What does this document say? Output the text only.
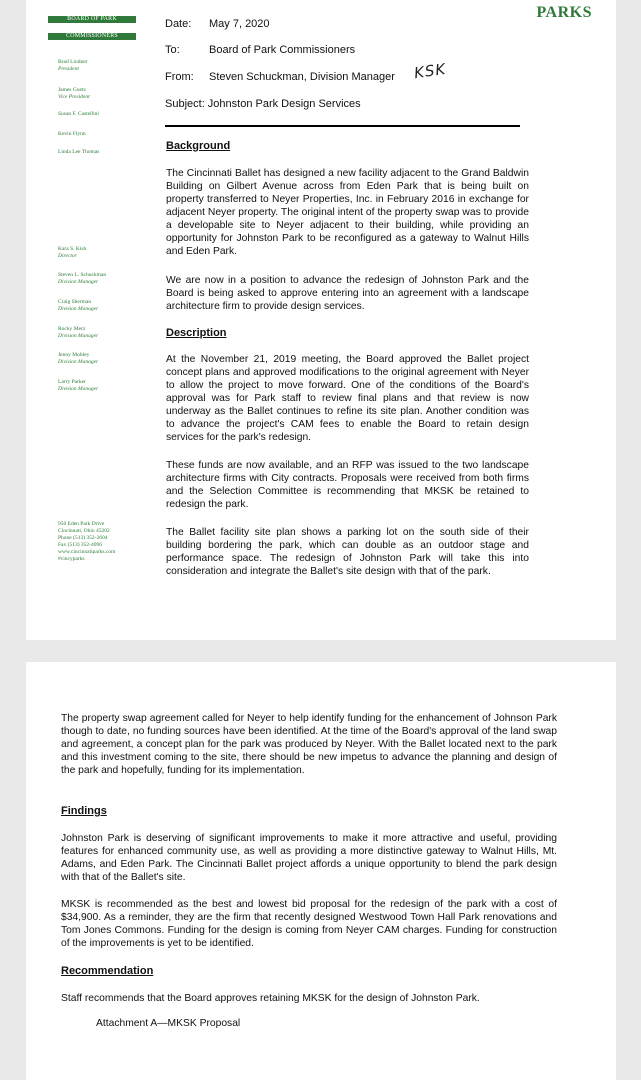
BOARD OF PARK
COMMISSIONERS
PARKS
Brad Lindner
President
James Goetz
Vice President
Susan F. Castellini
Kevin Flynn
Linda Lee Thomas
Kara S. Kish
Director
Steven L. Schuckman
Division Manager
Craig Sherman
Division Manager
Rocky Merz
Division Manager
Jenny Mobley
Division Manager
Larry Parker
Division Manager
950 Eden Park Drive
Cincinnati, Ohio 45202
Phone (513) 352-2604
Fax (513) 352-4096
www.cincinnatiparks.com
#cincyparks
Date: May 7, 2020
To:	Board of Park Commissioners
From: Steven Schuckman, Division Manager KSK
Subject: Johnston Park Design Services
Background
The Cincinnati Ballet has designed a new facility adjacent to the Grand Baldwin Building on Gilbert Avenue across from Eden Park that is being built on property transferred to Neyer Properties, Inc. in February 2016 in exchange for adjacent Neyer property. The original intent of the property swap was to provide a developable site to Neyer adjacent to their building, while providing an opportunity for Johnston Park to be reconfigured as a gateway to Walnut Hills and Eden Park.
We are now in a position to advance the redesign of Johnston Park and the Board is being asked to approve entering into an agreement with a landscape architecture firm to provide design services.
Description
At the November 21, 2019 meeting, the Board approved the Ballet project concept plans and approved modifications to the original agreement with Neyer to allow the project to move forward. One of the conditions of the Board's approval was for Park staff to review final plans and that review is now underway as the Ballet continues to refine its site plan. Another condition was to advance the project's CAM fees to enable the Board to retain design services for the park's redesign.
These funds are now available, and an RFP was issued to the two landscape architecture firms with City contracts. Proposals were received from both firms and the Selection Committee is recommending that MKSK be retained to redesign the park.
The Ballet facility site plan shows a parking lot on the south side of their building bordering the park, which can double as an outdoor stage and performance space. The redesign of Johnston Park will take this into consideration and integrate the Ballet's site design with that of the park.
The property swap agreement called for Neyer to help identify funding for the enhancement of Johnson Park though to date, no funding sources have been identified. At the time of the Board's approval of the land swap and agreement, a concept plan for the park was produced by Neyer. With the Ballet located next to the park and this investment coming to the site, there should be new impetus to advance the planning and design of the park and hopefully, funding for its implementation.
Findings
Johnston Park is deserving of significant improvements to make it more attractive and useful, providing features for enhanced community use, as well as providing a more distinctive gateway to Walnut Hills, Mt. Adams, and Eden Park. The Cincinnati Ballet project affords a unique opportunity to blend the park design with that of the Ballet's site.
MKSK is recommended as the best and lowest bid proposal for the redesign of the park with a cost of $34,900. As a reminder, they are the firm that recently designed Westwood Town Hall Park renovations and Tom Jones Commons. Funding for the design is coming from Neyer CAM charges. Funding for construction of the improvements is yet to be identified.
Recommendation
Staff recommends that the Board approves retaining MKSK for the design of Johnston Park.
Attachment A—MKSK Proposal
